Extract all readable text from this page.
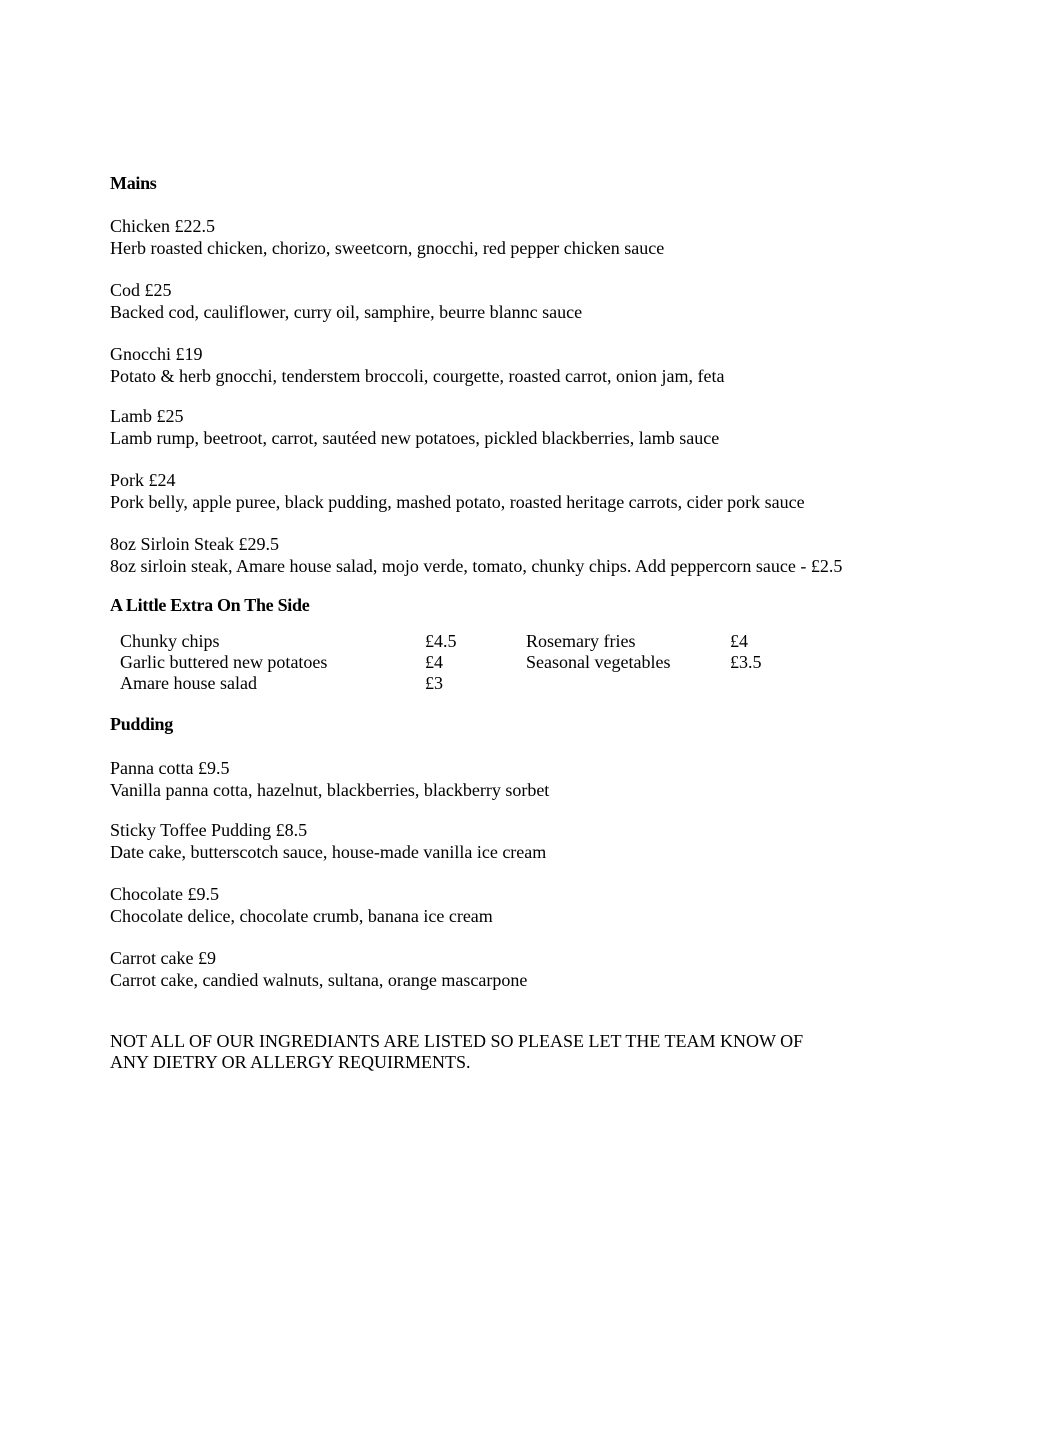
Mains
Chicken £22.5
Herb roasted chicken, chorizo, sweetcorn, gnocchi, red pepper chicken sauce
Cod £25
Backed cod, cauliflower, curry oil, samphire, beurre blannc sauce
Gnocchi £19
Potato & herb gnocchi, tenderstem broccoli, courgette, roasted carrot, onion jam, feta
Lamb £25
Lamb rump, beetroot, carrot, sautéed new potatoes, pickled blackberries, lamb sauce
Pork £24
Pork belly, apple puree, black pudding, mashed potato, roasted heritage carrots, cider pork sauce
8oz Sirloin Steak £29.5
8oz sirloin steak, Amare house salad, mojo verde, tomato, chunky chips. Add peppercorn sauce - £2.5
A Little Extra On The Side
Chunky chips	£4.5
Garlic buttered new potatoes	£4
Amare house salad	£3
Rosemary fries	£4
Seasonal vegetables	£3.5
Pudding
Panna cotta £9.5
Vanilla panna cotta, hazelnut, blackberries, blackberry sorbet
Sticky Toffee Pudding £8.5
Date cake, butterscotch sauce, house-made vanilla ice cream
Chocolate £9.5
Chocolate delice, chocolate crumb, banana ice cream
Carrot cake £9
Carrot cake, candied walnuts, sultana, orange mascarpone
NOT ALL OF OUR INGREDIANTS ARE LISTED SO PLEASE LET THE TEAM KNOW OF
ANY DIETRY OR ALLERGY REQUIRMENTS.
